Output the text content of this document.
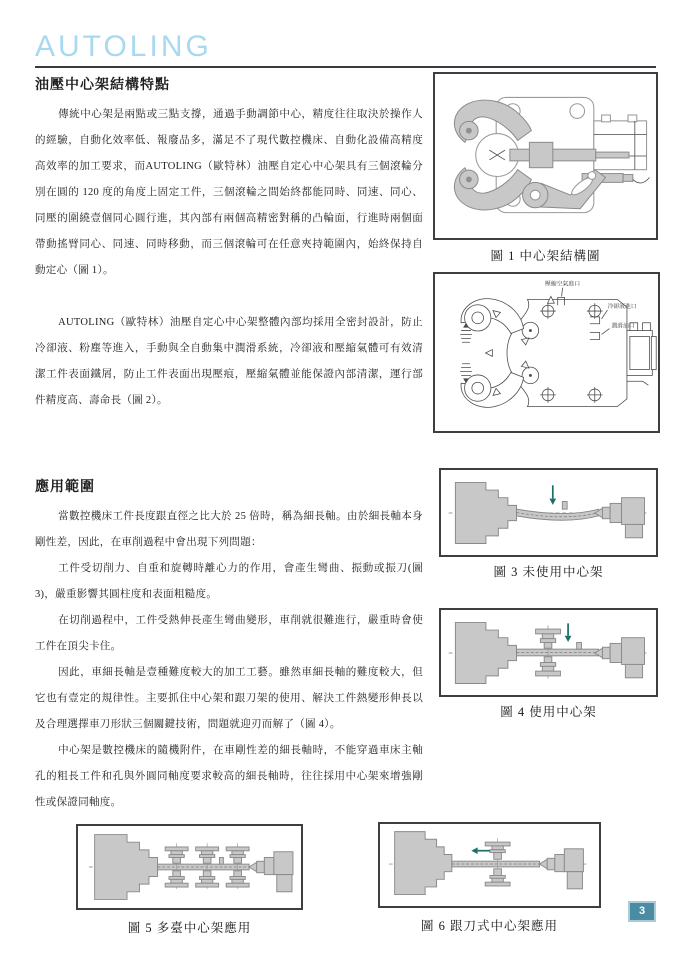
AUTOLING
油壓中心架結構特點

傳統中心架是兩點或三點支撐，通過手動調節中心，精度往往取決於操作人的經驗，自動化效率低、報廢品多，滿足不了現代數控機床、自動化設備高精度高效率的加工要求，而AUTOLING（歐特林）油壓自定心中心架具有三個滾輪分別在圓的 120 度的角度上固定工件，三個滾輪之間始終都能同時、同速、同心、同壓的圍繞壹個同心圓行進，其內部有兩個高精密對稱的凸輪面，行進時兩個面帶動搖臂同心、同速、同時移動，而三個滾輪可在任意夾持範圍內，始終保持自動定心（圖 1）。

AUTOLING（歐特林）油壓自定心中心架整體內部均採用全密封設計，防止冷卻液、粉塵等進入，手動與全自動集中潤滑系統，冷卻液和壓縮氣體可有效清潔工件表面鐵屑，防止工件表面出現壓痕，壓縮氣體並能保證內部清潔，運行部件精度高、壽命長（圖 2）。

應用範圍

當數控機床工件長度跟直徑之比大於 25 倍時，稱為細長軸。由於細長軸本身剛性差，因此，在車削過程中會出現下列問題：

工件受切削力、自重和旋轉時離心力的作用，會產生彎曲、振動或振刀(圖 3)，嚴重影響其圓柱度和表面粗糙度。

在切削過程中，工件受熱伸長產生彎曲變形，車削就很難進行，嚴重時會使工件在頂尖卡住。

因此，車細長軸是壹種難度較大的加工工藝。雖然車細長軸的難度較大，但它也有壹定的規律性。主要抓住中心架和跟刀架的使用、解決工件熱變形伸長以及合理選擇車刀形狀三個關鍵技術，問題就迎刃而解了（圖 4）。

中心架是數控機床的隨機附件，在車剛性差的細長軸時，不能穿過車床主軸孔的粗長工件和孔與外圓同軸度要求較高的細長軸時，往往採用中心架來增強剛性或保證同軸度。

圖 1 中心架結構圖
壓縮空氣進口
冷卻液進口
潤滑油口
圖 3 未使用中心架
圖 4 使用中心架
圖 5 多臺中心架應用	圖 6 跟刀式中心架應用
3
